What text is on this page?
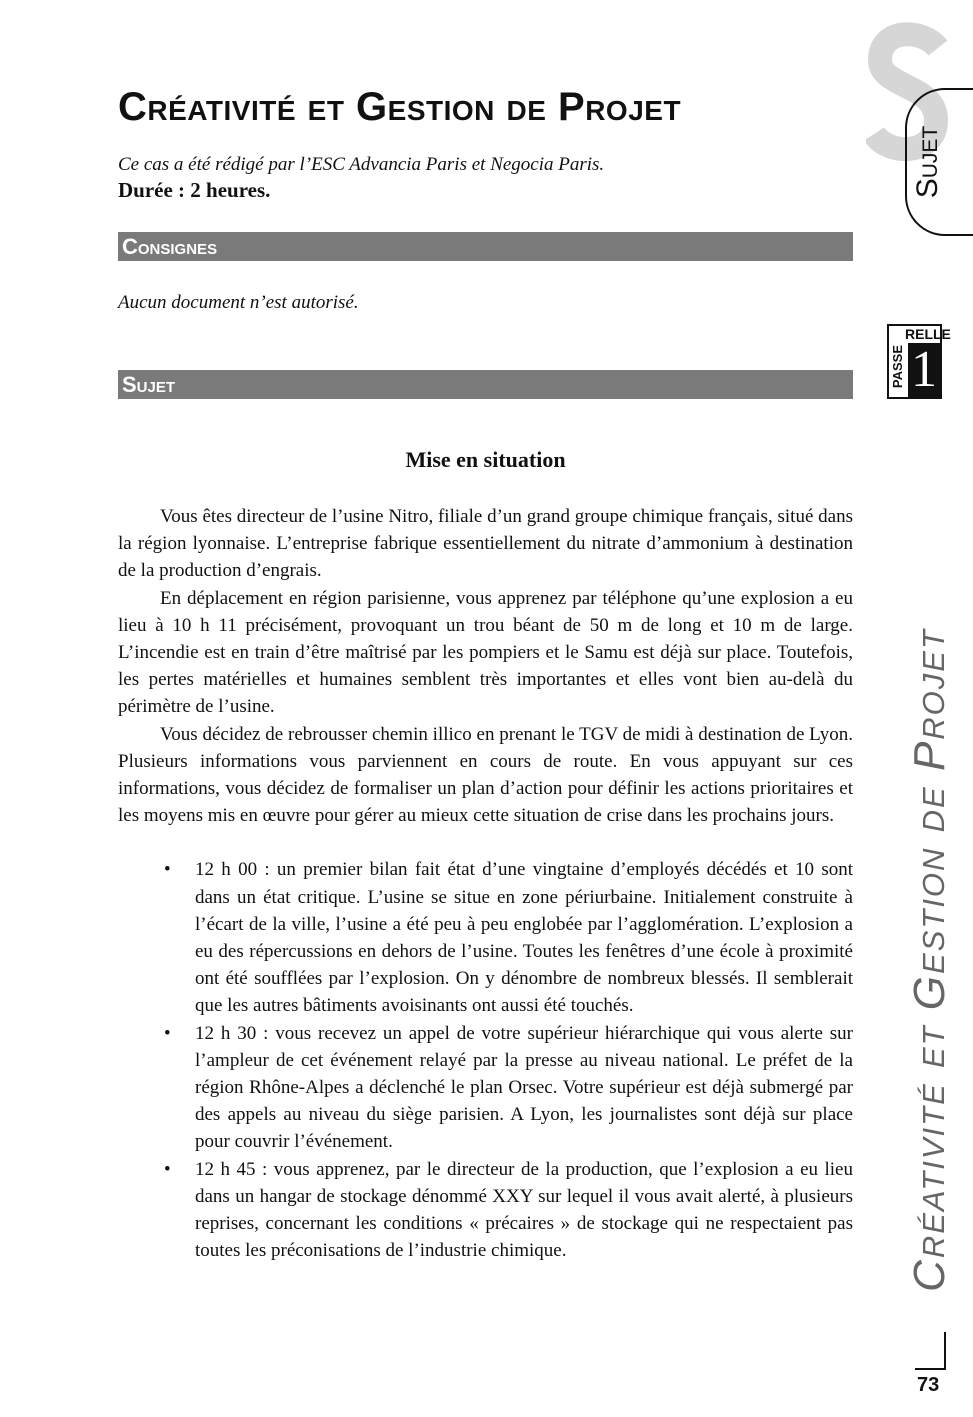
Sujet
RELLE
PASSE 1
Créativité et Gestion de Projet
Créativité et Gestion de Projet
Ce cas a été rédigé par l’ESC Advancia Paris et Negocia Paris.
Durée : 2 heures.
Consignes
Aucun document n’est autorisé.
Sujet
Mise en situation

Vous êtes directeur de l’usine Nitro, filiale d’un grand groupe chimique français, situé dans la région lyonnaise. L’entreprise fabrique essentiellement du nitrate d’ammonium à destination de la production d’engrais.

En déplacement en région parisienne, vous apprenez par téléphone qu’une explosion a eu lieu à 10 h 11 précisément, provoquant un trou béant de 50 m de long et 10 m de large. L’incendie est en train d’être maîtrisé par les pompiers et le Samu est déjà sur place. Toutefois, les pertes matérielles et humaines semblent très importantes et elles vont bien au-delà du périmètre de l’usine.

Vous décidez de rebrousser chemin illico en prenant le TGV de midi à destination de Lyon. Plusieurs informations vous parviennent en cours de route. En vous appuyant sur ces informations, vous décidez de formaliser un plan d’action pour définir les actions prioritaires et les moyens mis en œuvre pour gérer au mieux cette situation de crise dans les prochains jours.

• 12 h 00 : un premier bilan fait état d’une vingtaine d’employés décédés et 10 sont dans un état critique. L’usine se situe en zone périurbaine. Initialement construite à l’écart de la ville, l’usine a été peu à peu englobée par l’agglomération. L’explosion a eu des répercussions en dehors de l’usine. Toutes les fenêtres d’une école à proximité ont été soufflées par l’explosion. On y dénombre de nombreux blessés. Il semblerait que les autres bâtiments avoisinants ont aussi été touchés.
• 12 h 30 : vous recevez un appel de votre supérieur hiérarchique qui vous alerte sur l’ampleur de cet événement relayé par la presse au niveau national. Le préfet de la région Rhône-Alpes a déclenché le plan Orsec. Votre supérieur est déjà submergé par des appels au niveau du siège parisien. A Lyon, les journalistes sont déjà sur place pour couvrir l’événement.
• 12 h 45 : vous apprenez, par le directeur de la production, que l’explosion a eu lieu dans un hangar de stockage dénommé XXY sur lequel il vous avait alerté, à plusieurs reprises, concernant les conditions « précaires » de stockage qui ne respectaient pas toutes les préconisations de l’industrie chimique.
73
